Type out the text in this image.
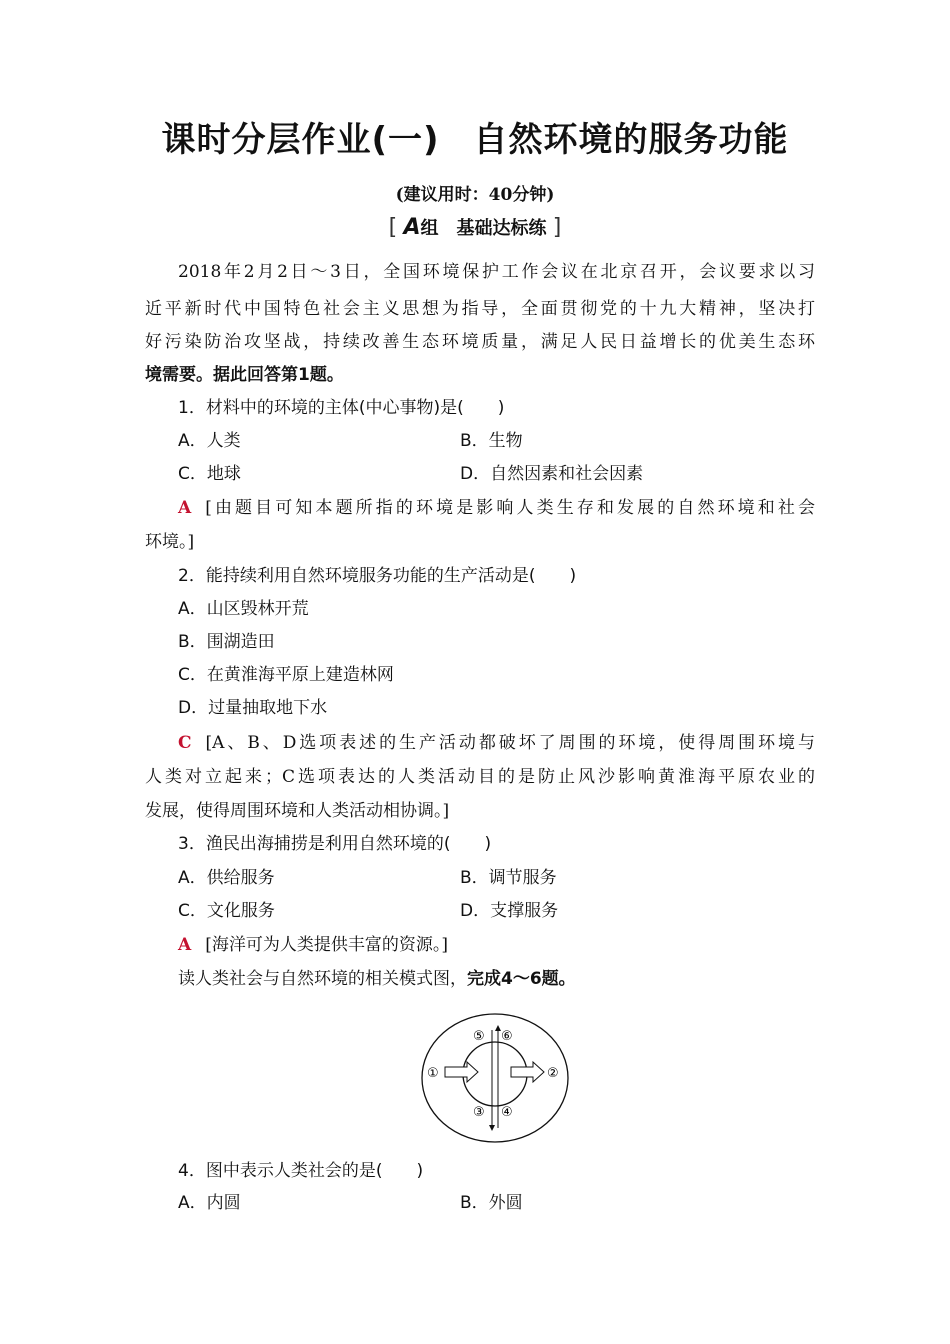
课时分层作业(一) 自然环境的服务功能
(建议用时：40分钟)
[ A组　基础达标练 ]
2018年2月2日～3日，全国环境保护工作会议在北京召开，会议要求以习
近平新时代中国特色社会主义思想为指导，全面贯彻党的十九大精神，坚决打
好污染防治攻坚战，持续改善生态环境质量，满足人民日益增长的优美生态环
境需要。据此回答第1题。
1．材料中的环境的主体(中心事物)是(　　)
A．人类	B．生物
C．地球	D．自然因素和社会因素
A [由题目可知本题所指的环境是影响人类生存和发展的自然环境和社会
环境。]
2．能持续利用自然环境服务功能的生产活动是(　　)
A．山区毁林开荒
B．围湖造田
C．在黄淮海平原上建造林网
D．过量抽取地下水
C [A、B、D选项表述的生产活动都破坏了周围的环境，使得周围环境与
人类对立起来；C选项表达的人类活动目的是防止风沙影响黄淮海平原农业的
发展，使得周围环境和人类活动相协调。]
3．渔民出海捕捞是利用自然环境的(　　)
A．供给服务	B．调节服务
C．文化服务	D．支撑服务
A [海洋可为人类提供丰富的资源。]
读人类社会与自然环境的相关模式图，完成4～6题。
①	②
③ ④
⑤ ⑥
4．图中表示人类社会的是(　　)
A．内圆	B．外圆
